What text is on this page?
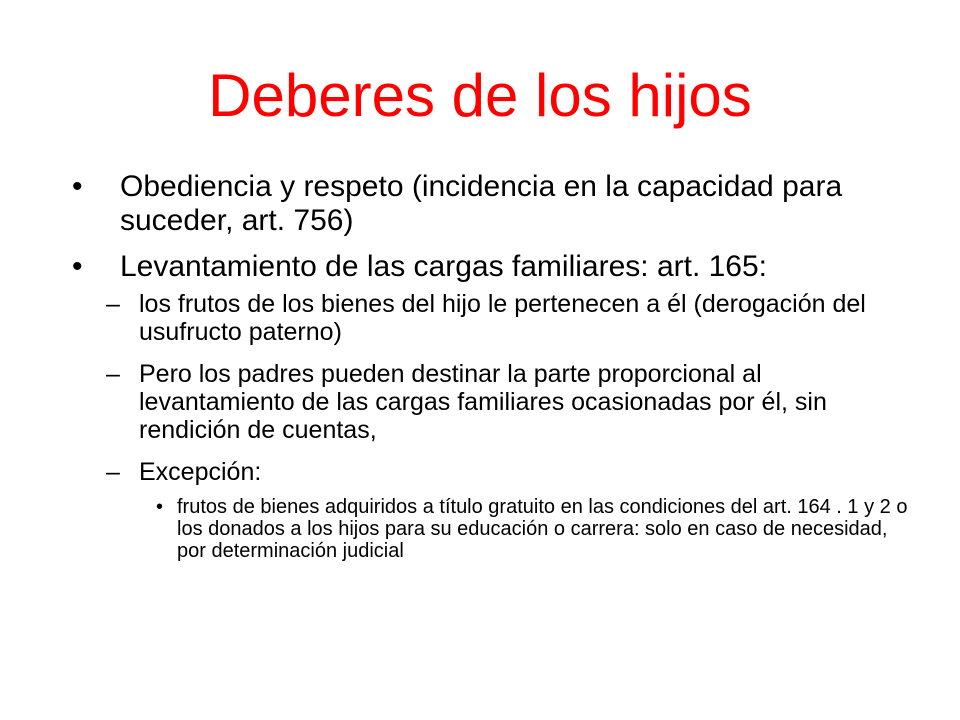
Deberes de los hijos
•	Obediencia y respeto (incidencia en la capacidad para suceder, art. 756)
•	Levantamiento de las cargas familiares: art. 165:
– los frutos de los bienes del hijo le pertenecen a él (derogación del usufructo paterno)
– Pero los padres pueden destinar la parte proporcional al levantamiento de las cargas familiares ocasionadas por él, sin rendición de cuentas,
– Excepción:
• frutos de bienes adquiridos a título gratuito en las condiciones del art. 164 . 1 y 2 o los donados a los hijos para su educación o carrera: solo en caso de necesidad, por determinación judicial
